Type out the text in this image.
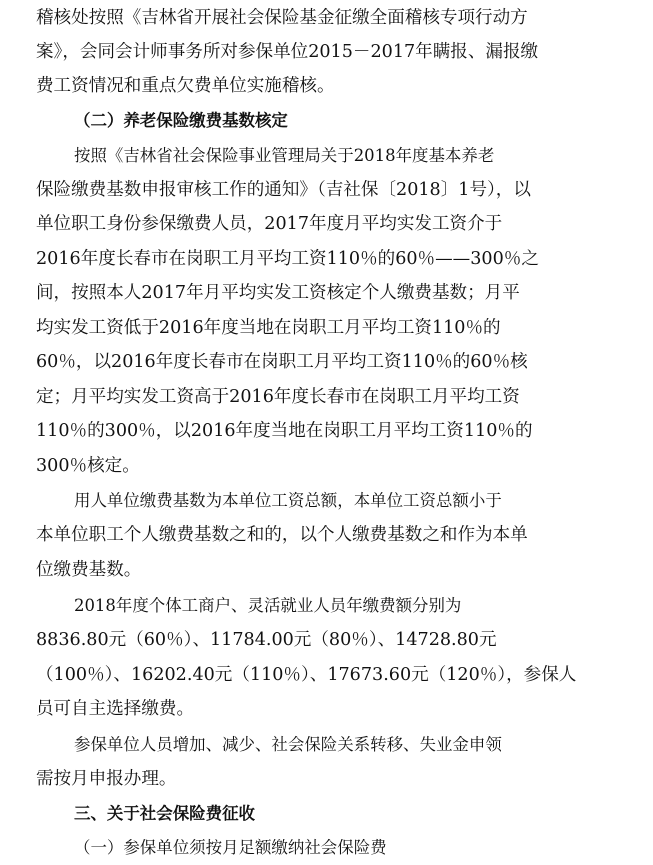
稽核处按照《吉林省开展社会保险基金征缴全面稽核专项行动方
案》，会同会计师事务所对参保单位2015－2017年瞒报、漏报缴
费工资情况和重点欠费单位实施稽核。
（二）养老保险缴费基数核定
按照《吉林省社会保险事业管理局关于2018年度基本养老
保险缴费基数申报审核工作的通知》（吉社保〔2018〕1号），以
单位职工身份参保缴费人员，2017年度月平均实发工资介于
2016年度长春市在岗职工月平均工资110％的60％——300％之
间，按照本人2017年月平均实发工资核定个人缴费基数；月平
均实发工资低于2016年度当地在岗职工月平均工资110％的
60％，以2016年度长春市在岗职工月平均工资110％的60％核
定；月平均实发工资高于2016年度长春市在岗职工月平均工资
110％的300％，以2016年度当地在岗职工月平均工资110％的
300％核定。
用人单位缴费基数为本单位工资总额，本单位工资总额小于
本单位职工个人缴费基数之和的，以个人缴费基数之和作为本单
位缴费基数。
2018年度个体工商户、灵活就业人员年缴费额分别为
8836.80元（60％）、11784.00元（80％）、14728.80元
（100％）、16202.40元（110％）、17673.60元（120％），参保人
员可自主选择缴费。
参保单位人员增加、减少、社会保险关系转移、失业金申领
需按月申报办理。
三、关于社会保险费征收
（一）参保单位须按月足额缴纳社会保险费
